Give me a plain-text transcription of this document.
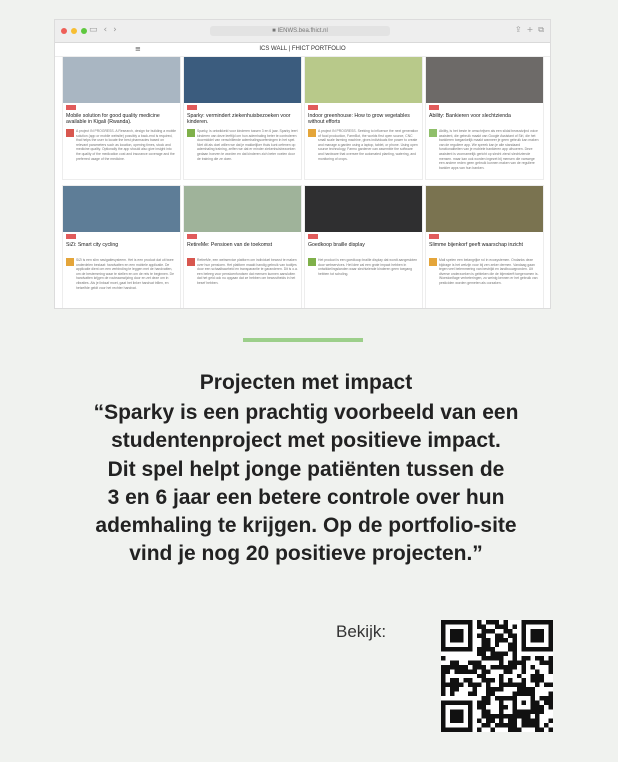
▭ ‹ ›	■ IENWS.bea.fhict.nl	⇪ + ⧉
≡	ICS WALL | FHICT PORTFOLIO
Mobile solution for good quality medicine available in Kigali (Rwanda).
A project IN PROGRESS. A Research, design for building a mobile solution (app or mobile website) possibly a back-end is required, that helps the user to locate the best pharmacies based on relevant parameters such as location, opening times, stock and medicine quality. Optionally the app should also give insight into the quality of the medication cost and insurance coverage and the preferred usage of the medicine.
Sparky: vermindert ziekenhuisbezoeken voor kinderen.
Sparky, is ontwikkeld voor kinderen tussen 3 en 6 jaar. Sparky leert kinderen van deze leeftijd om hun ademhaling beter te controleren doormiddel van verschillende ademhalingsoefeningen in het spel. Niet dit als doel willen we dat je makkelijker thuis kunt oefenen op ademhaling training, zelfen we dat er minder ziekenhuisbezoeken gedaan hoeven te worden en dat kinderen zich beter voelen door de training die ze doen.
Indoor greenhouse: How to grow vegetables without efforts
A project IN PROGRESS. Seeking to influence the next generation of food production, FarmBot, the worlds first open source, CNC small scale farming machine, gives individuals the power to create and manage a garden using a laptop, tablet, or phone. Using open source technology, Farmo gardener can assemble the software and hardware that oversee the automated planting, watering, and monitoring of crops.
Ability: Bankieren voor slechtzienda
Ability, is het beste te omschrijven als een slidal bewustzijnd voice assistent, die gebruik maakt van Google Assistant of Siri, die het bankieren toegankelijk maakt wanneer je geen gebruik kan maken van de reguliere app. We spreek kan je alle standaard functionaliteiten van je mobiele bankieren app uitvoeren. Deze assistent is voornamelijk gericht op slecht ziend slechtziende mensen. maar kan ook worden ingezet bij mensen die vanwege een andere reden geen gebruik kunnen maken van de reguliere bankier apps van hun banken.
SiZi: Smart city cycling
SiZi is een slim navigatiesysteem. Het is een product dat uit twee onderdelen bestaat: handvatten en een mobiele applicatie. De applicatie dient om een verbinding te leggen met de handvatten, om de bestemming waar te stellen en om de reis te beginnen. De handvatten krijgen de routeaanwijzing door en zet deze om in vibraties. Als je linksaf moet, gaat het linker handvat trillen, en hetzelfde geldt voor het rechter handvat.
RetireMe: Pensioen van de toekomst
RetireMe, een webservice platform om individuel bewust te maken over hun pensioen. Het platform maakt handig gebruik van tooltjes door een schaalbaarheid en transparantie te garanderen. Dit is o.a. een beleeg voor pensioenfondsen dat mensen kunnen aansluiten dat het geld ook nu opgaan dat ze hebben om bewustheids in het besef hebben.
Goedkoop braille display
Het product is een goedkoop braille display dat wordt aangesloten door webservices. Het idee zal een grote impact hebben in ontwikkelingslanden waar slechtziende kinderen geen toegang hebben tot scholing.
Slimme bijenkorf geeft waarschap inzicht
Mali spelen een belangrijke rol in ecosystemen. Ondanks deze bijdrage is het welzijn voor bij zen zeker dermen. Vandaag gaan tegen veel belemmering van bestrijkt en landbouwgronden. Uit diverse onderzoeken is gebleken die de bijensterft toegenomen is. Woestonflage verbeteringen, zo weinig kennen er het gebruik van pesticiden worden gemeten als oorzaken.
Projecten met impact
“Sparky is een prachtig voorbeeld van een
studentenproject met positieve impact.
Dit spel helpt jonge patiënten tussen de
3 en 6 jaar een betere controle over hun
ademhaling te krijgen. Op de portfolio-site
vind je nog 20 positieve projecten.”
Bekijk:
